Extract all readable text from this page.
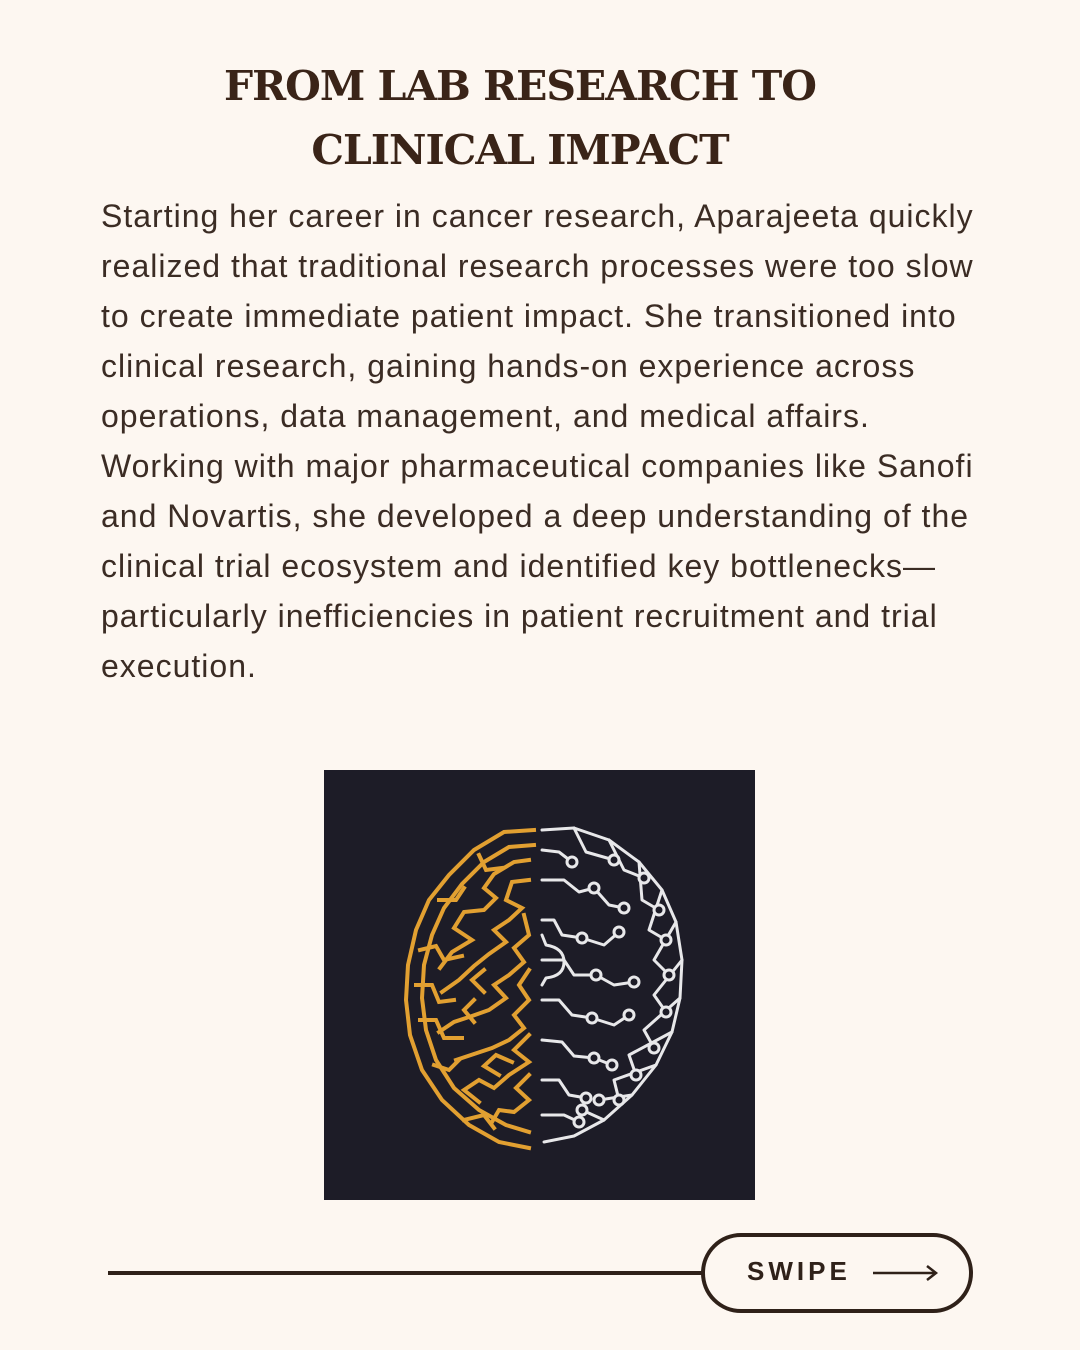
FROM LAB RESEARCH TO CLINICAL IMPACT

Starting her career in cancer research, Aparajeeta quickly realized that traditional research processes were too slow to create immediate patient impact. She transitioned into clinical research, gaining hands-on experience across operations, data management, and medical affairs. Working with major pharmaceutical companies like Sanofi and Novartis, she developed a deep understanding of the clinical trial ecosystem and identified key bottlenecks—particularly inefficiencies in patient recruitment and trial execution.

SWIPE
